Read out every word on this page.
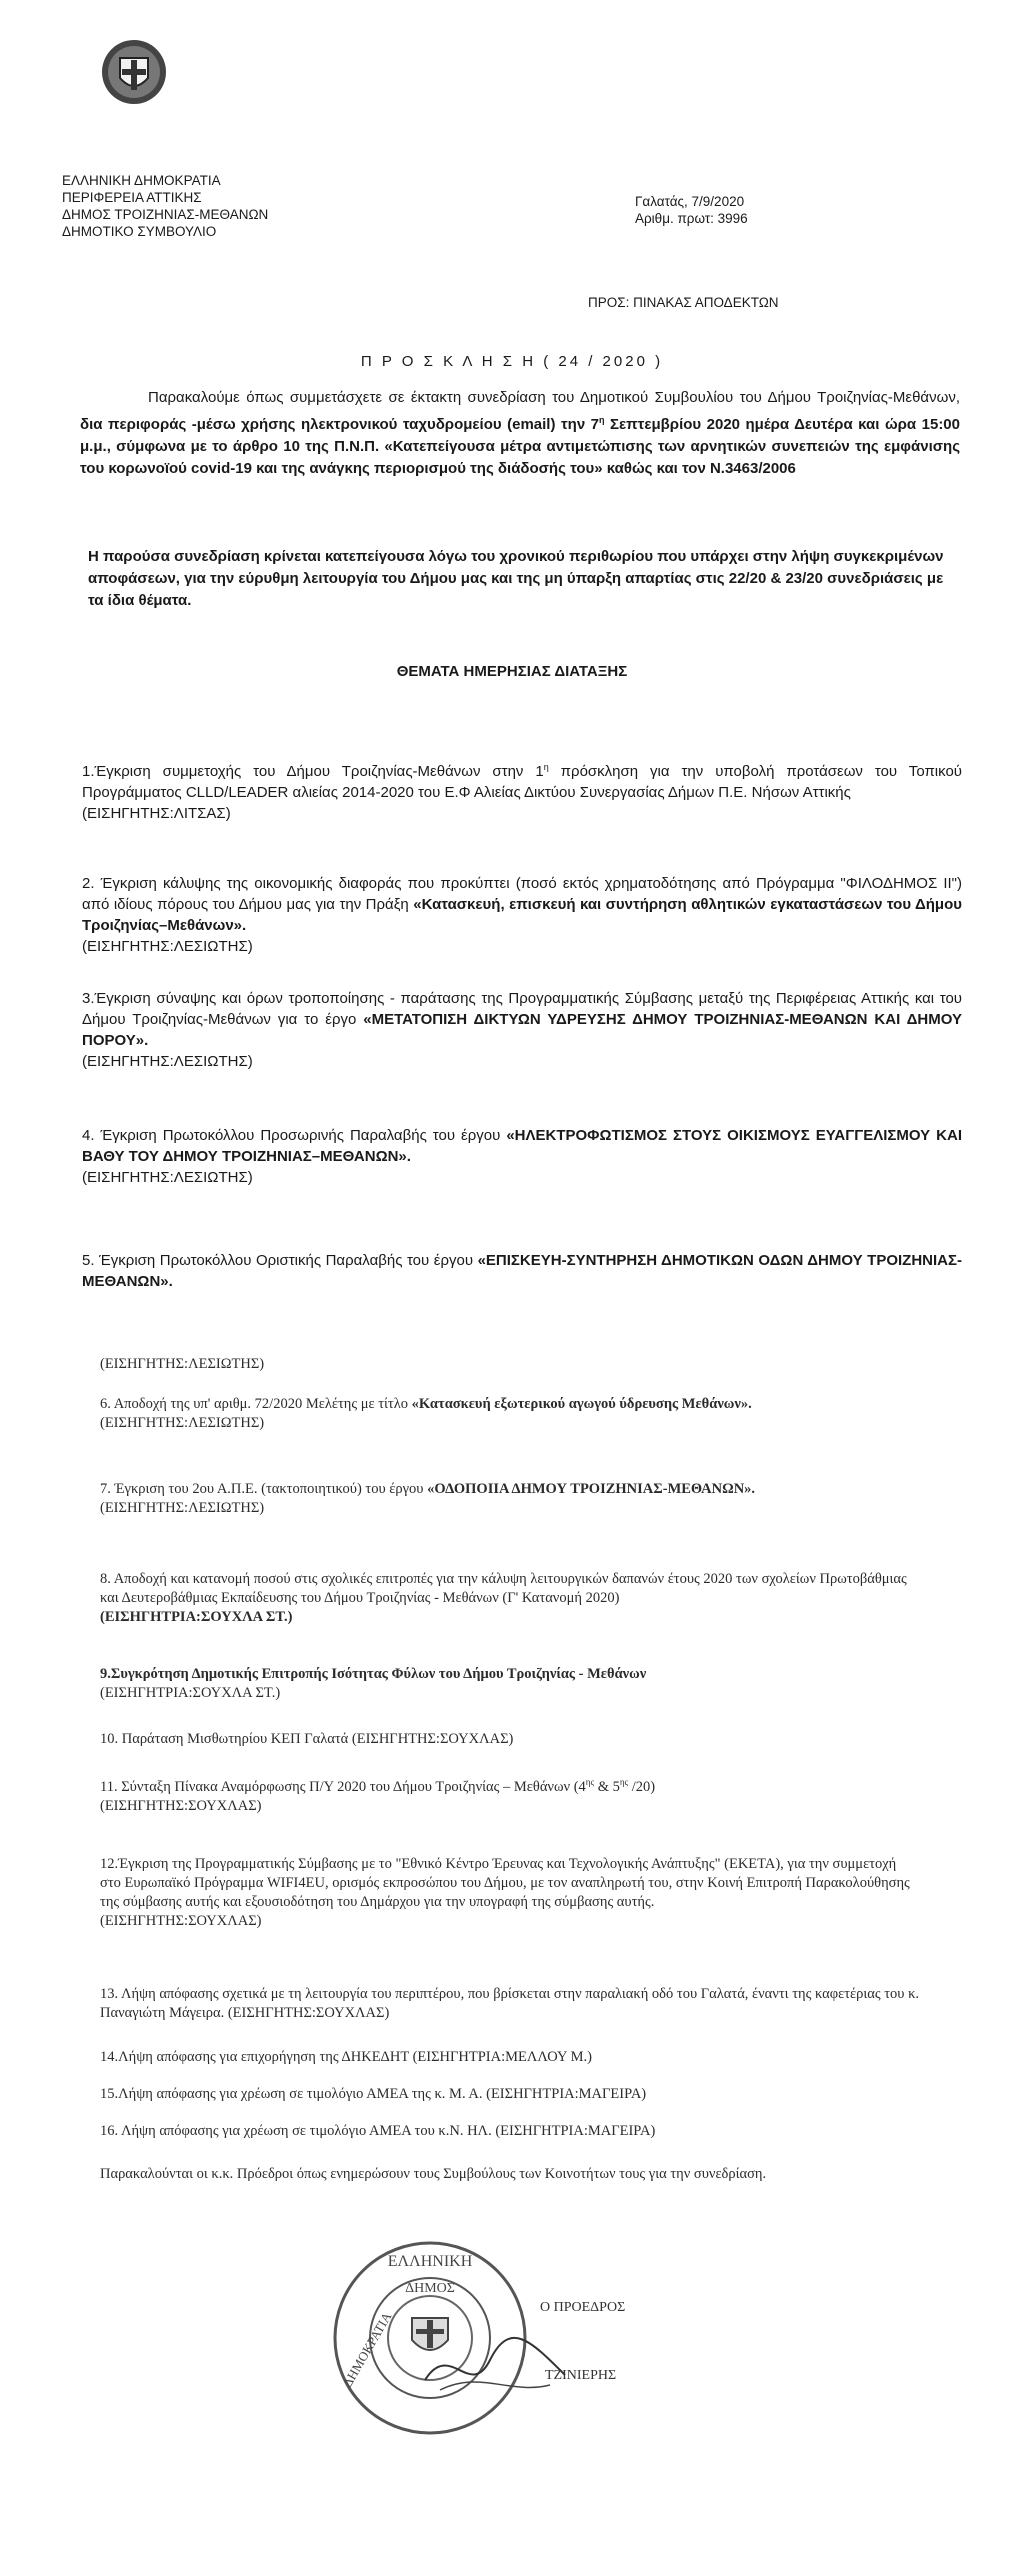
ΕΛΛΗΝΙΚΗ ΔΗΜΟΚΡΑΤΙΑ
ΠΕΡΙΦΕΡΕΙΑ ΑΤΤΙΚΗΣ
ΔΗΜΟΣ ΤΡΟΙΖΗΝΙΑΣ-ΜΕΘΑΝΩΝ
ΔΗΜΟΤΙΚΟ ΣΥΜΒΟΥΛΙΟ
Γαλατάς, 7/9/2020
Αριθμ. πρωτ: 3996
ΠΡΟΣ: ΠΙΝΑΚΑΣ ΑΠΟΔΕΚΤΩΝ
Π Ρ Ο Σ Κ Λ Η Σ Η ( 24 / 2020 )

Παρακαλούμε όπως συμμετάσχετε σε έκτακτη συνεδρίαση του Δημοτικού Συμβουλίου του Δήμου Τροιζηνίας-Μεθάνων, δια περιφοράς -μέσω χρήσης ηλεκτρονικού ταχυδρομείου (email) την $7^\eta$ Σεπτεμβρίου 2020 ημέρα Δευτέρα και ώρα 15:00 μ.μ., σύμφωνα με το άρθρο 10 της Π.Ν.Π. «Κατεπείγουσα μέτρα αντιμετώπισης των αρνητικών συνεπειών της εμφάνισης του κορωνοϊού covid-19 και της ανάγκης περιορισμού της διάδοσής του» καθώς και τον Ν.3463/2006

Η παρούσα συνεδρίαση κρίνεται κατεπείγουσα λόγω του χρονικού περιθωρίου που υπάρχει στην λήψη συγκεκριμένων αποφάσεων, για την εύρυθμη λειτουργία του Δήμου μας και της μη ύπαρξη απαρτίας στις 22/20 & 23/20 συνεδριάσεις με τα ίδια θέματα.
ΘΕΜΑΤΑ ΗΜΕΡΗΣΙΑΣ ΔΙΑΤΑΞΗΣ

1.Έγκριση συμμετοχής του Δήμου Τροιζηνίας-Μεθάνων στην $1^\eta$ πρόσκληση για την υποβολή προτάσεων του Τοπικού Προγράμματος CLLD/LEADER αλιείας 2014-2020 του Ε.Φ Αλιείας Δικτύου Συνεργασίας Δήμων Π.Ε. Νήσων Αττικής

(ΕΙΣΗΓΗΤΗΣ:ΛΙΤΣΑΣ)

2. Έγκριση κάλυψης της οικονομικής διαφοράς που προκύπτει (ποσό εκτός χρηματοδότησης από Πρόγραμμα "ΦΙΛΟΔΗΜΟΣ ΙΙ") από ιδίους πόρους του Δήμου μας για την Πράξη «Κατασκευή, επισκευή και συντήρηση αθλητικών εγκαταστάσεων του Δήμου Τροιζηνίας–Μεθάνων».

(ΕΙΣΗΓΗΤΗΣ:ΛΕΣΙΩΤΗΣ)

3.Έγκριση σύναψης και όρων τροποποίησης - παράτασης της Προγραμματικής Σύμβασης μεταξύ της Περιφέρειας Αττικής και του Δήμου Τροιζηνίας-Μεθάνων για το έργο «ΜΕΤΑΤΟΠΙΣΗ ΔΙΚΤΥΩΝ ΥΔΡΕΥΣΗΣ ΔΗΜΟΥ ΤΡΟΙΖΗΝΙΑΣ-ΜΕΘΑΝΩΝ ΚΑΙ ΔΗΜΟΥ ΠΟΡΟΥ».

(ΕΙΣΗΓΗΤΗΣ:ΛΕΣΙΩΤΗΣ)

4. Έγκριση Πρωτοκόλλου Προσωρινής Παραλαβής του έργου «ΗΛΕΚΤΡΟΦΩΤΙΣΜΟΣ ΣΤΟΥΣ ΟΙΚΙΣΜΟΥΣ ΕΥΑΓΓΕΛΙΣΜΟΥ ΚΑΙ ΒΑΘΥ ΤΟΥ ΔΗΜΟΥ ΤΡΟΙΖΗΝΙΑΣ–ΜΕΘΑΝΩΝ».

(ΕΙΣΗΓΗΤΗΣ:ΛΕΣΙΩΤΗΣ)

5. Έγκριση Πρωτοκόλλου Οριστικής Παραλαβής του έργου «ΕΠΙΣΚΕΥΗ-ΣΥΝΤΗΡΗΣΗ ΔΗΜΟΤΙΚΩΝ ΟΔΩΝ ΔΗΜΟΥ ΤΡΟΙΖΗΝΙΑΣ-ΜΕΘΑΝΩΝ».

(ΕΙΣΗΓΗΤΗΣ:ΛΕΣΙΩΤΗΣ)

6. Αποδοχή της υπ' αριθμ. 72/2020 Μελέτης με τίτλο «Κατασκευή εξωτερικού αγωγού ύδρευσης Μεθάνων».

(ΕΙΣΗΓΗΤΗΣ:ΛΕΣΙΩΤΗΣ)

7. Έγκριση του 2ου Α.Π.Ε. (τακτοποιητικού) του έργου «ΟΔΟΠΟΙΙΑ ΔΗΜΟΥ ΤΡΟΙΖΗΝΙΑΣ-ΜΕΘΑΝΩΝ».

(ΕΙΣΗΓΗΤΗΣ:ΛΕΣΙΩΤΗΣ)

8. Αποδοχή και κατανομή ποσού στις σχολικές επιτροπές για την κάλυψη λειτουργικών δαπανών έτους 2020 των σχολείων Πρωτοβάθμιας και Δευτεροβάθμιας Εκπαίδευσης του Δήμου Τροιζηνίας - Μεθάνων (Γ' Κατανομή 2020)

(ΕΙΣΗΓΗΤΡΙΑ:ΣΟΥΧΛΑ ΣΤ.)

9.Συγκρότηση Δημοτικής Επιτροπής Ισότητας Φύλων του Δήμου Τροιζηνίας - Μεθάνων

(ΕΙΣΗΓΗΤΡΙΑ:ΣΟΥΧΛΑ ΣΤ.)

10. Παράταση Μισθωτηρίου ΚΕΠ Γαλατά (ΕΙΣΗΓΗΤΗΣ:ΣΟΥΧΛΑΣ)

11. Σύνταξη Πίνακα Αναμόρφωσης Π/Υ 2020 του Δήμου Τροιζηνίας – Μεθάνων ($4^{\eta\varsigma}$ & $5^{\eta\varsigma}$ /20)

(ΕΙΣΗΓΗΤΗΣ:ΣΟΥΧΛΑΣ)

12.Έγκριση της Προγραμματικής Σύμβασης με το "Εθνικό Κέντρο Έρευνας και Τεχνολογικής Ανάπτυξης" (ΕΚΕΤΑ), για την συμμετοχή στο Ευρωπαϊκό Πρόγραμμα WIFI4EU, ορισμός εκπροσώπου του Δήμου, με τον αναπληρωτή του, στην Κοινή Επιτροπή Παρακολούθησης της σύμβασης αυτής και εξουσιοδότηση του Δημάρχου για την υπογραφή της σύμβασης αυτής.

(ΕΙΣΗΓΗΤΗΣ:ΣΟΥΧΛΑΣ)

13. Λήψη απόφασης σχετικά με τη λειτουργία του περιπτέρου, που βρίσκεται στην παραλιακή οδό του Γαλατά, έναντι της καφετέριας του κ. Παναγιώτη Μάγειρα. (ΕΙΣΗΓΗΤΗΣ:ΣΟΥΧΛΑΣ)

14.Λήψη απόφασης για επιχορήγηση της ΔΗΚΕΔΗΤ (ΕΙΣΗΓΗΤΡΙΑ:ΜΕΛΛΟΥ Μ.)

15.Λήψη απόφασης για χρέωση σε τιμολόγιο ΑΜΕΑ της κ. Μ. Α. (ΕΙΣΗΓΗΤΡΙΑ:ΜΑΓΕΙΡΑ)

16. Λήψη απόφασης για χρέωση σε τιμολόγιο ΑΜΕΑ του κ.Ν. ΗΛ. (ΕΙΣΗΓΗΤΡΙΑ:ΜΑΓΕΙΡΑ)

Παρακαλούνται οι κ.κ. Πρόεδροι όπως ενημερώσουν τους Συμβούλους των Κοινοτήτων τους για την συνεδρίαση.

ΕΛΛΗΝΙΚΗ
ΔΗΜΟΣ
ΔΗΜΟΚΡΑΤΙΑ
Ο ΠΡΟΕΔΡΟΣ
ΤΖΙΝΙΕΡΗΣ
